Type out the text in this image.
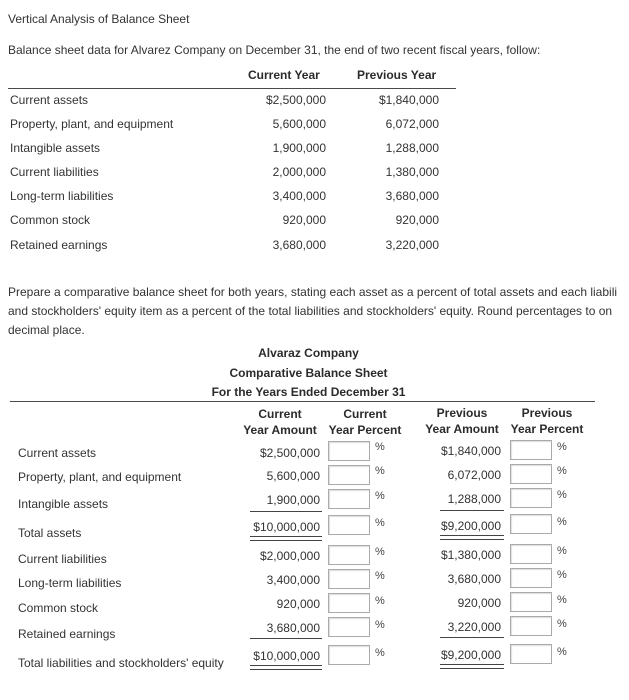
Vertical Analysis of Balance Sheet
Balance sheet data for Alvarez Company on December 31, the end of two recent fiscal years, follow:
Current Year	Previous Year
Current assets	$2,500,000	$1,840,000
Property, plant, and equipment	5,600,000	6,072,000
Intangible assets	1,900,000	1,288,000
Current liabilities	2,000,000	1,380,000
Long-term liabilities	3,400,000	3,680,000
Common stock	920,000	920,000
Retained earnings	3,680,000	3,220,000

Prepare a comparative balance sheet for both years, stating each asset as a percent of total assets and each liabili

and stockholders' equity item as a percent of the total liabilities and stockholders' equity. Round percentages to on

decimal place.

Alvaraz Company
Comparative Balance Sheet
For the Years Ended December 31
Current
Year Amount
Current
Year Percent
Previous
Year Amount
Previous
Year Percent
Current assets	$2,500,000	%	$1,840,000	%
Property, plant, and equipment	5,600,000	%	6,072,000	%
Intangible assets	1,900,000	%	1,288,000	%
Total assets	$10,000,000	%	$9,200,000	%
Current liabilities	$2,000,000	%	$1,380,000	%
Long-term liabilities	3,400,000	%	3,680,000	%
Common stock	920,000	%	920,000	%
Retained earnings	3,680,000	%	3,220,000	%
Total liabilities and stockholders' equity	$10,000,000	%	$9,200,000	%
